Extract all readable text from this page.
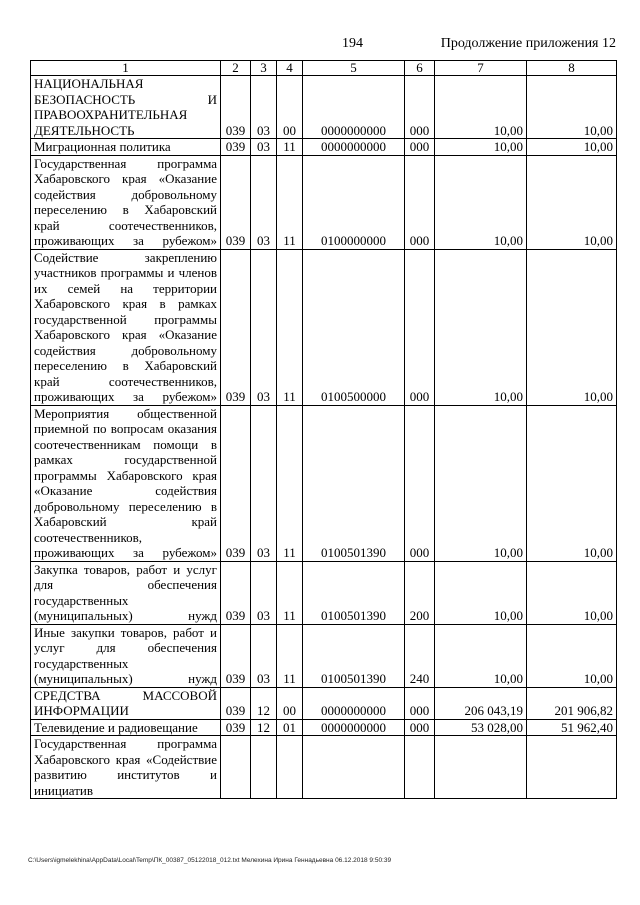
194	Продолжение приложения 12
1	2	3	4	5	6	7	8
НАЦИОНАЛЬНАЯ БЕЗОПАСНОСТЬ И ПРАВООХРАНИТЕЛЬНАЯ ДЕЯТЕЛЬНОСТЬ	039	03	00	0000000000	000	10,00	10,00
Миграционная политика	039	03	11	0000000000	000	10,00	10,00
Государственная программа Хабаровского края «Оказание содействия добровольному переселению в Хабаровский край соотечественников, проживающих за рубежом»	039	03	11	0100000000	000	10,00	10,00
Содействие закреплению участников программы и членов их семей на территории Хабаровского края в рамках государственной программы Хабаровского края «Оказание содействия добровольному переселению в Хабаровский край соотечественников, проживающих за рубежом»	039	03	11	0100500000	000	10,00	10,00
Мероприятия общественной приемной по вопросам оказания соотечественникам помощи в рамках государственной программы Хабаровского края «Оказание содействия добровольному переселению в Хабаровский край соотечественников, проживающих за рубежом»	039	03	11	0100501390	000	10,00	10,00
Закупка товаров, работ и услуг для обеспечения государственных (муниципальных) нужд	039	03	11	0100501390	200	10,00	10,00
Иные закупки товаров, работ и услуг для обеспечения государственных (муниципальных) нужд	039	03	11	0100501390	240	10,00	10,00
СРЕДСТВА МАССОВОЙ ИНФОРМАЦИИ	039	12	00	0000000000	000	206 043,19	201 906,82
Телевидение и радиовещание	039	12	01	0000000000	000	53 028,00	51 962,40
Государственная программа Хабаровского края «Содействие развитию институтов и инициатив							
C:\Users\igmelekhina\AppData\Local\Temp\ПК_00387_05122018_012.txt Мелехина Ирина Геннадьевна 06.12.2018 9:50:39
